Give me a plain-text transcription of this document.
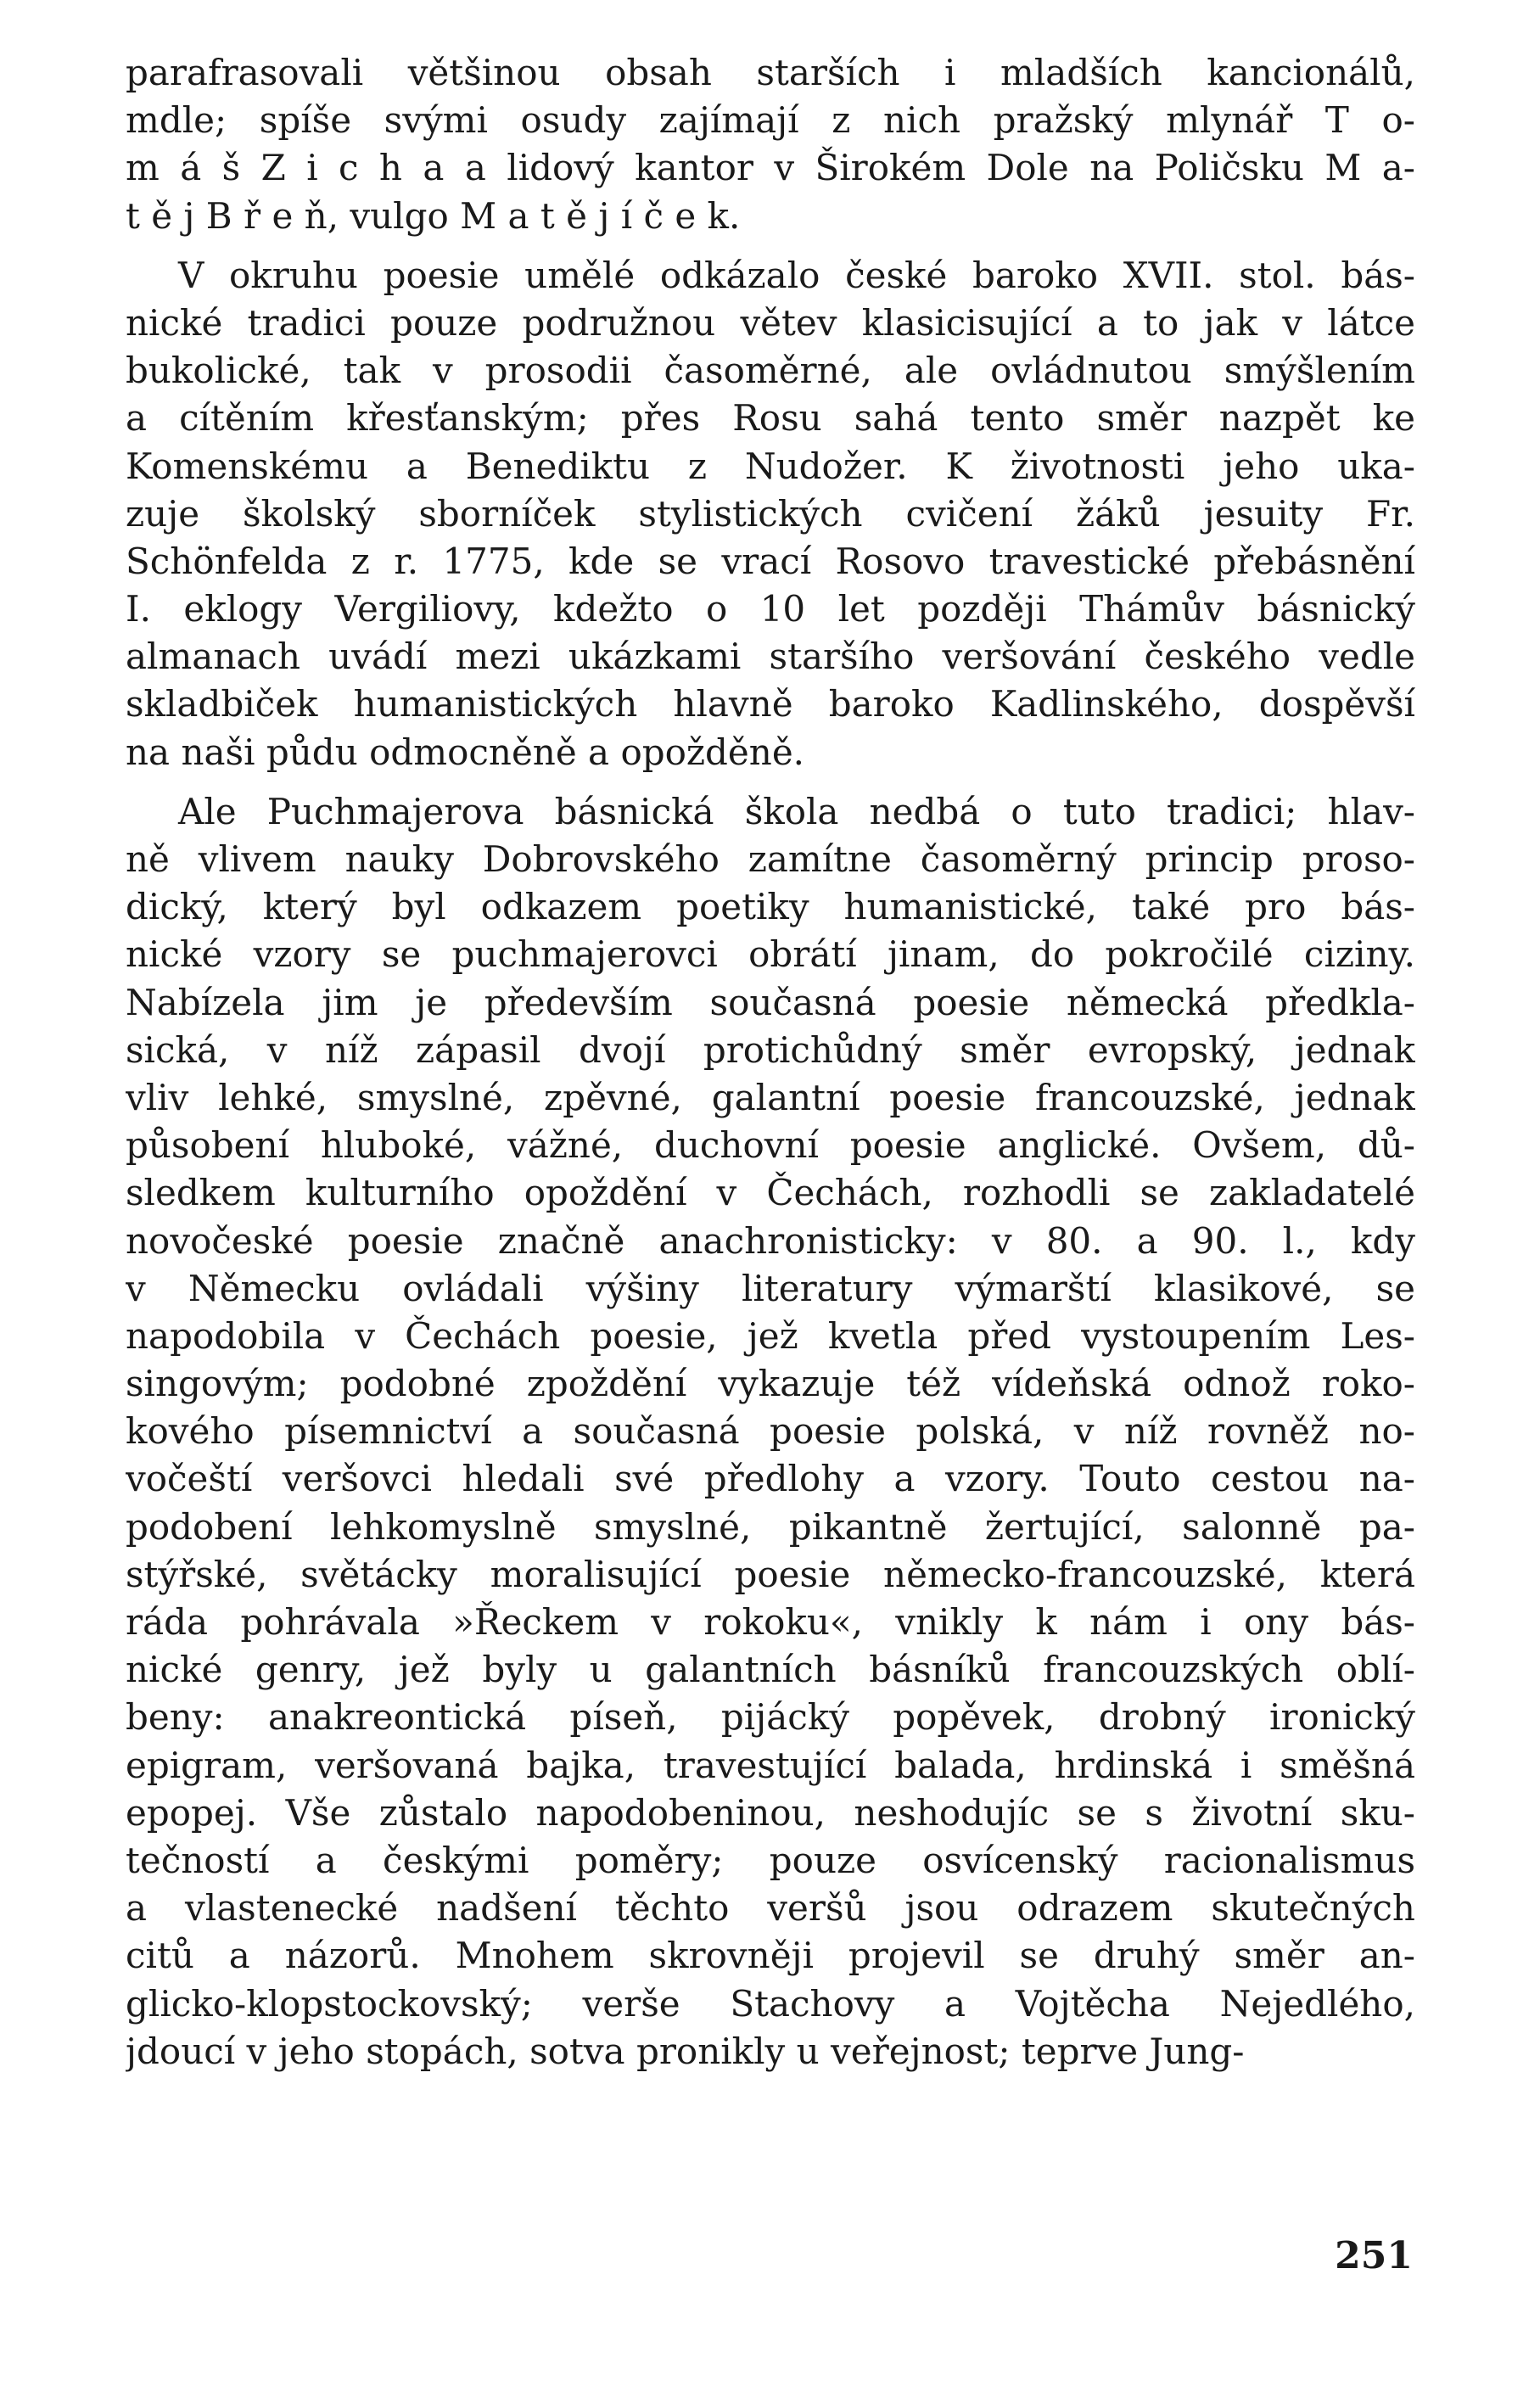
parafrasovali většinou obsah starších i mladších kancionálů,
mdle; spíše svými osudy zajímají z nich pražský mlynář T o-
m á š Z i c h a a lidový kantor v Širokém Dole na Poličsku M a-
t ě j B ř e ň, vulgo M a t ě j í č e k.
V okruhu poesie umělé odkázalo české baroko XVII. stol. bás-
nické tradici pouze podružnou větev klasicisující a to jak v látce
bukolické, tak v prosodii časoměrné, ale ovládnutou smýšlením
a cítěním křesťanským; přes Rosu sahá tento směr nazpět ke
Komenskému a Benediktu z Nudožer. K životnosti jeho uka-
zuje školský sborníček stylistických cvičení žáků jesuity Fr.
Schönfelda z r. 1775, kde se vrací Rosovo travestické přebásnění
I. eklogy Vergiliovy, kdežto o 10 let později Thámův básnický
almanach uvádí mezi ukázkami staršího veršování českého vedle
skladbiček humanistických hlavně baroko Kadlinského, dospěvší
na naši půdu odmocněně a opožděně.
Ale Puchmajerova básnická škola nedbá o tuto tradici; hlav-
ně vlivem nauky Dobrovského zamítne časoměrný princip proso-
dický, který byl odkazem poetiky humanistické, také pro bás-
nické vzory se puchmajerovci obrátí jinam, do pokročilé ciziny.
Nabízela jim je především současná poesie německá předkla-
sická, v níž zápasil dvojí protichůdný směr evropský, jednak
vliv lehké, smyslné, zpěvné, galantní poesie francouzské, jednak
působení hluboké, vážné, duchovní poesie anglické. Ovšem, dů-
sledkem kulturního opoždění v Čechách, rozhodli se zakladatelé
novočeské poesie značně anachronisticky: v 80. a 90. l., kdy
v Německu ovládali výšiny literatury výmarští klasikové, se
napodobila v Čechách poesie, jež kvetla před vystoupením Les-
singovým; podobné zpoždění vykazuje též vídeňská odnož roko-
kového písemnictví a současná poesie polská, v níž rovněž no-
vočeští veršovci hledali své předlohy a vzory. Touto cestou na-
podobení lehkomyslně smyslné, pikantně žertující, salonně pa-
stýřské, světácky moralisující poesie německo-francouzské, která
ráda pohrávala »Řeckem v rokoku«, vnikly k nám i ony bás-
nické genry, jež byly u galantních básníků francouzských oblí-
beny: anakreontická píseň, pijácký popěvek, drobný ironický
epigram, veršovaná bajka, travestující balada, hrdinská i směšná
epopej. Vše zůstalo napodobeninou, neshodujíc se s životní sku-
tečností a českými poměry; pouze osvícenský racionalismus
a vlastenecké nadšení těchto veršů jsou odrazem skutečných
citů a názorů. Mnohem skrovněji projevil se druhý směr an-
glicko-klopstockovský; verše Stachovy a Vojtěcha Nejedlého,
jdoucí v jeho stopách, sotva pronikly u veřejnost; teprve Jung-
251
